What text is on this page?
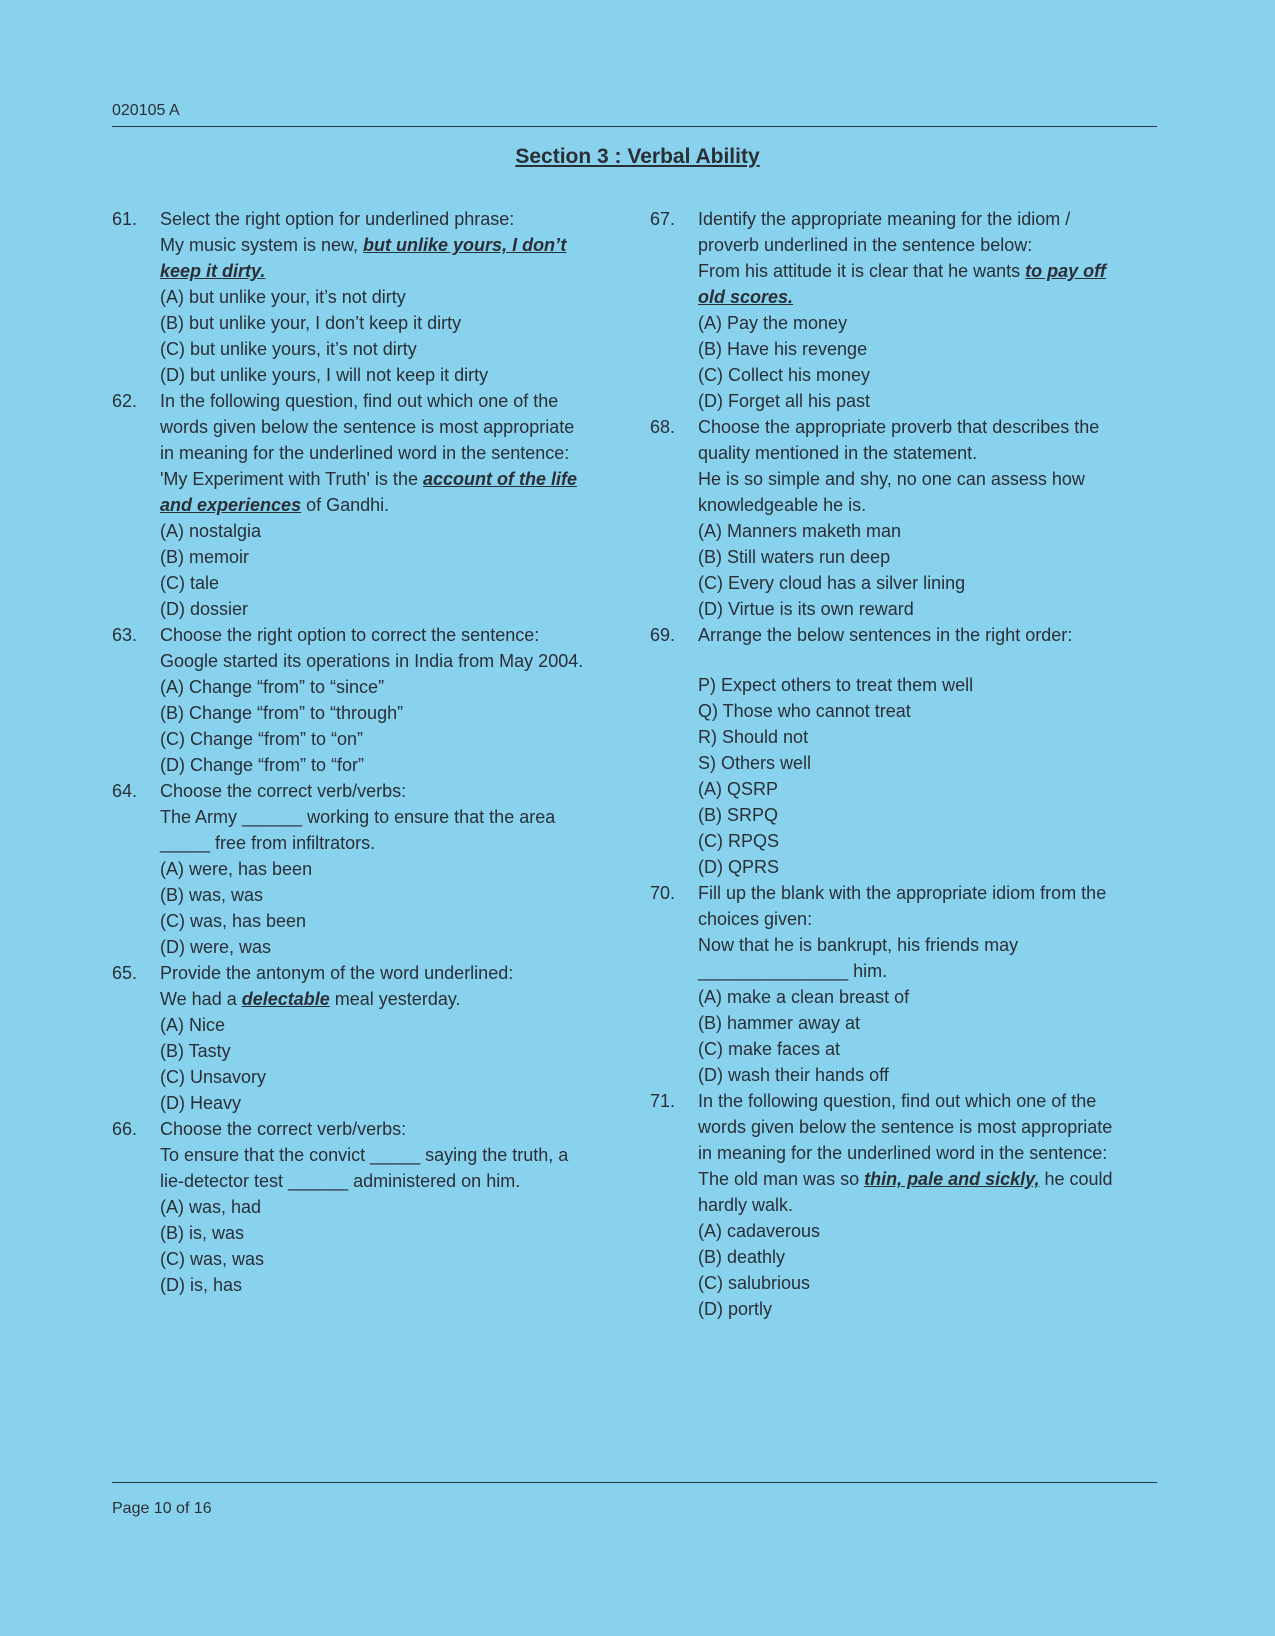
020105 A
Section 3 : Verbal Ability
61. Select the right option for underlined phrase:
My music system is new, but unlike yours, I don’t
keep it dirty.
(A) but unlike your, it’s not dirty
(B) but unlike your, I don’t keep it dirty
(C) but unlike yours, it’s not dirty
(D) but unlike yours, I will not keep it dirty
62. In the following question, find out which one of the
words given below the sentence is most appropriate
in meaning for the underlined word in the sentence:
'My Experiment with Truth' is the account of the life
and experiences of Gandhi.
(A) nostalgia
(B) memoir
(C) tale
(D) dossier
63. Choose the right option to correct the sentence:
Google started its operations in India from May 2004.
(A) Change “from” to “since”
(B) Change “from” to “through”
(C) Change “from” to “on”
(D) Change “from” to “for”
64. Choose the correct verb/verbs:
The Army ______ working to ensure that the area
_____ free from infiltrators.
(A) were, has been
(B) was, was
(C) was, has been
(D) were, was
65. Provide the antonym of the word underlined:
We had a delectable meal yesterday.
(A) Nice
(B) Tasty
(C) Unsavory
(D) Heavy
66. Choose the correct verb/verbs:
To ensure that the convict _____ saying the truth, a
lie-detector test ______ administered on him.
(A) was, had
(B) is, was
(C) was, was
(D) is, has
67. Identify the appropriate meaning for the idiom /
proverb underlined in the sentence below:
From his attitude it is clear that he wants to pay off
old scores.
(A) Pay the money
(B) Have his revenge
(C) Collect his money
(D) Forget all his past
68. Choose the appropriate proverb that describes the
quality mentioned in the statement.
He is so simple and shy, no one can assess how
knowledgeable he is.
(A) Manners maketh man
(B) Still waters run deep
(C) Every cloud has a silver lining
(D) Virtue is its own reward
69. Arrange the below sentences in the right order:
P) Expect others to treat them well
Q) Those who cannot treat
R) Should not
S) Others well
(A) QSRP
(B) SRPQ
(C) RPQS
(D) QPRS
70. Fill up the blank with the appropriate idiom from the
choices given:
Now that he is bankrupt, his friends may
_______________ him.
(A) make a clean breast of
(B) hammer away at
(C) make faces at
(D) wash their hands off
71. In the following question, find out which one of the
words given below the sentence is most appropriate
in meaning for the underlined word in the sentence:
The old man was so thin, pale and sickly, he could
hardly walk.
(A) cadaverous
(B) deathly
(C) salubrious
(D) portly
Page 10 of 16
